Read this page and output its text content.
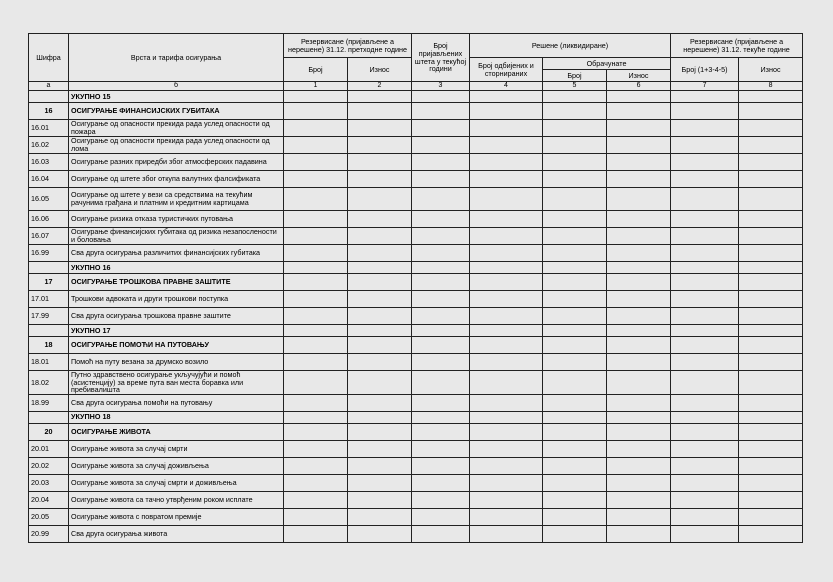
Шифра	Врста и тарифа осигурања	Резервисане (пријављене а нерешене) 31.12. претходне године		Број пријављених штета у текућој години	Решене (ликвидиране)			Резервисане (пријављене а нерешене) 31.12. текуће године	
		Број	Износ		Број одбијених и сторнираних	Обрачунате		Број (1+3-4-5)	Износ
						Број	Износ		
а	б	1	2	3	4	5	6	7	8
	УКУПНО 15								
16	ОСИГУРАЊЕ ФИНАНСИЈСКИХ ГУБИТАКА								
16.01	Осигурање од опасности прекида рада услед опасности од пожара								
16.02	Осигурање од опасности прекида рада услед опасности од лома								
16.03	Осигурање разних приредби због атмосферских падавина								
16.04	Осигурање од штете због откупа валутних фалсификата								
16.05	Осигурање од штете у вези са средствима на текућим рачунима грађана и платним и кредитним картицама								
16.06	Осигурање ризика отказа туристичких путовања								
16.07	Осигурање финансијских губитака од ризика незапослености и боловања								
16.99	Сва друга осигурања различитих финансијских губитака								
	УКУПНО 16								
17	ОСИГУРАЊЕ ТРОШКОВА ПРАВНЕ ЗАШТИТЕ								
17.01	Трошкови адвоката и други трошкови поступка								
17.99	Сва друга осигурања трошкова правне заштите								
	УКУПНО 17								
18	ОСИГУРАЊЕ ПОМОЋИ НА ПУТОВАЊУ								
18.01	Помоћ на путу везана за друмско возило								
18.02	Путно здравствено осигурање укључујући и помоћ (асистенцију) за време пута ван места боравка или пребивалишта								
18.99	Сва друга осигурања помоћи на путовању								
	УКУПНО 18								
20	ОСИГУРАЊЕ ЖИВОТА								
20.01	Осигурање живота за случај смрти								
20.02	Осигурање живота за случај доживљења								
20.03	Осигурање живота за случај смрти и доживљења								
20.04	Осигурање живота са тачно утврђеним роком исплате								
20.05	Осигурање живота с повратом премије								
20.99	Сва друга осигурања живота								
